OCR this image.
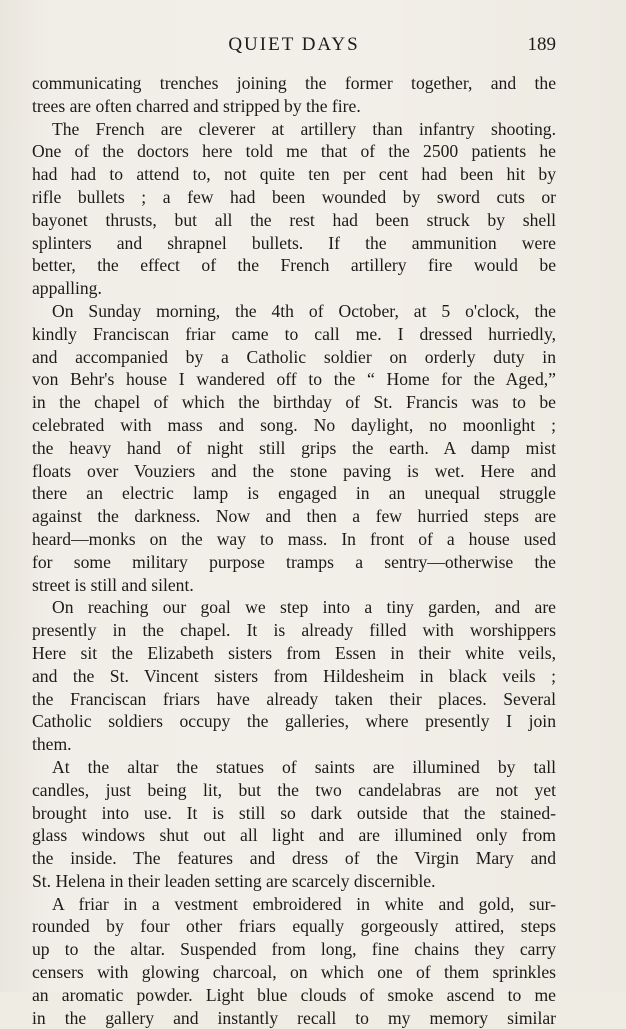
QUIET DAYS	189
communicating trenches joining the former together, and the
trees are often charred and stripped by the fire.
The French are cleverer at artillery than infantry shooting.
One of the doctors here told me that of the 2500 patients he
had had to attend to, not quite ten per cent had been hit by
rifle bullets ; a few had been wounded by sword cuts or
bayonet thrusts, but all the rest had been struck by shell
splinters and shrapnel bullets. If the ammunition were
better, the effect of the French artillery fire would be
appalling.
On Sunday morning, the 4th of October, at 5 o'clock, the
kindly Franciscan friar came to call me. I dressed hurriedly,
and accompanied by a Catholic soldier on orderly duty in
von Behr's house I wandered off to the “ Home for the Aged,”
in the chapel of which the birthday of St. Francis was to be
celebrated with mass and song. No daylight, no moonlight ;
the heavy hand of night still grips the earth. A damp mist
floats over Vouziers and the stone paving is wet. Here and
there an electric lamp is engaged in an unequal struggle
against the darkness. Now and then a few hurried steps are
heard—monks on the way to mass. In front of a house used
for some military purpose tramps a sentry—otherwise the
street is still and silent.
On reaching our goal we step into a tiny garden, and are
presently in the chapel. It is already filled with worshippers
Here sit the Elizabeth sisters from Essen in their white veils,
and the St. Vincent sisters from Hildesheim in black veils ;
the Franciscan friars have already taken their places. Several
Catholic soldiers occupy the galleries, where presently I join
them.
At the altar the statues of saints are illumined by tall
candles, just being lit, but the two candelabras are not yet
brought into use. It is still so dark outside that the stained-
glass windows shut out all light and are illumined only from
the inside. The features and dress of the Virgin Mary and
St. Helena in their leaden setting are scarcely discernible.
A friar in a vestment embroidered in white and gold, sur-
rounded by four other friars equally gorgeously attired, steps
up to the altar. Suspended from long, fine chains they carry
censers with glowing charcoal, on which one of them sprinkles
an aromatic powder. Light blue clouds of smoke ascend to me
in the gallery and instantly recall to my memory similar
